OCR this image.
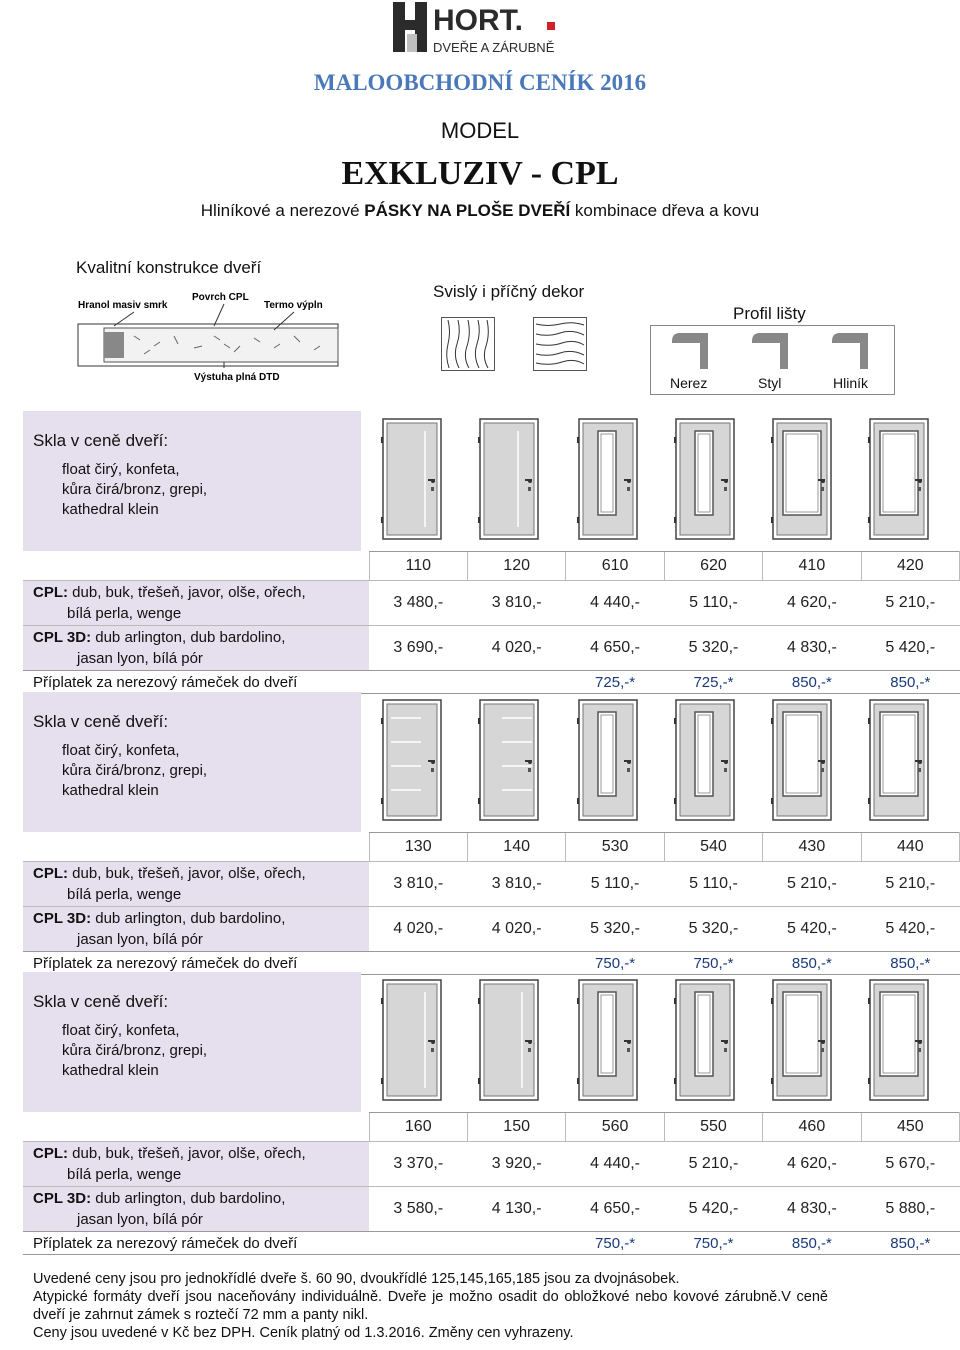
HORT.
DVEŘE A ZÁRUBNĚ
MALOOBCHODNÍ CENÍK 2016
MODEL
EXKLUZIV - CPL
Hliníkové a nerezové PÁSKY NA PLOŠE DVEŘÍ kombinace dřeva a kovu
Kvalitní konstrukce dveří
Hranol masiv smrk
Povrch CPL
Termo výpln
Výstuha plná DTD
Svislý i příčný dekor
Profil lišty
Nerez	Styl	Hliník
Skla v ceně dveří:
float čirý, konfeta,
kůra čirá/bronz, grepi,
kathedral klein
	110	120	610	620	410	420
CPL: dub, buk, třešeň, javor, olše, ořech,
bílá perla, wenge	3 480,-	3 810,-	4 440,-	5 110,-	4 620,-	5 210,-
CPL 3D: dub arlington, dub bardolino,
jasan lyon, bílá pór	3 690,-	4 020,-	4 650,-	5 320,-	4 830,-	5 420,-
Příplatek za nerezový rámeček do dveří			725,-*	725,-*	850,-*	850,-*
Skla v ceně dveří:
float čirý, konfeta,
kůra čirá/bronz, grepi,
kathedral klein
	130	140	530	540	430	440
CPL: dub, buk, třešeň, javor, olše, ořech,
bílá perla, wenge	3 810,-	3 810,-	5 110,-	5 110,-	5 210,-	5 210,-
CPL 3D: dub arlington, dub bardolino,
jasan lyon, bílá pór	4 020,-	4 020,-	5 320,-	5 320,-	5 420,-	5 420,-
Příplatek za nerezový rámeček do dveří			750,-*	750,-*	850,-*	850,-*
Skla v ceně dveří:
float čirý, konfeta,
kůra čirá/bronz, grepi,
kathedral klein
	160	150	560	550	460	450
CPL: dub, buk, třešeň, javor, olše, ořech,
bílá perla, wenge	3 370,-	3 920,-	4 440,-	5 210,-	4 620,-	5 670,-
CPL 3D: dub arlington, dub bardolino,
jasan lyon, bílá pór	3 580,-	4 130,-	4 650,-	5 420,-	4 830,-	5 880,-
Příplatek za nerezový rámeček do dveří			750,-*	750,-*	850,-*	850,-*
Uvedené ceny jsou pro jednokřídlé dveře š. 60 90, dvoukřídlé 125,145,165,185 jsou za dvojnásobek.
Atypické formáty dveří jsou naceňovány individuálně. Dveře je možno osadit do obložkové nebo kovové zárubně.V ceně dveří je zahrnut zámek s roztečí 72 mm a panty nikl.
Ceny jsou uvedené v Kč bez DPH. Ceník platný od 1.3.2016. Změny cen vyhrazeny.
